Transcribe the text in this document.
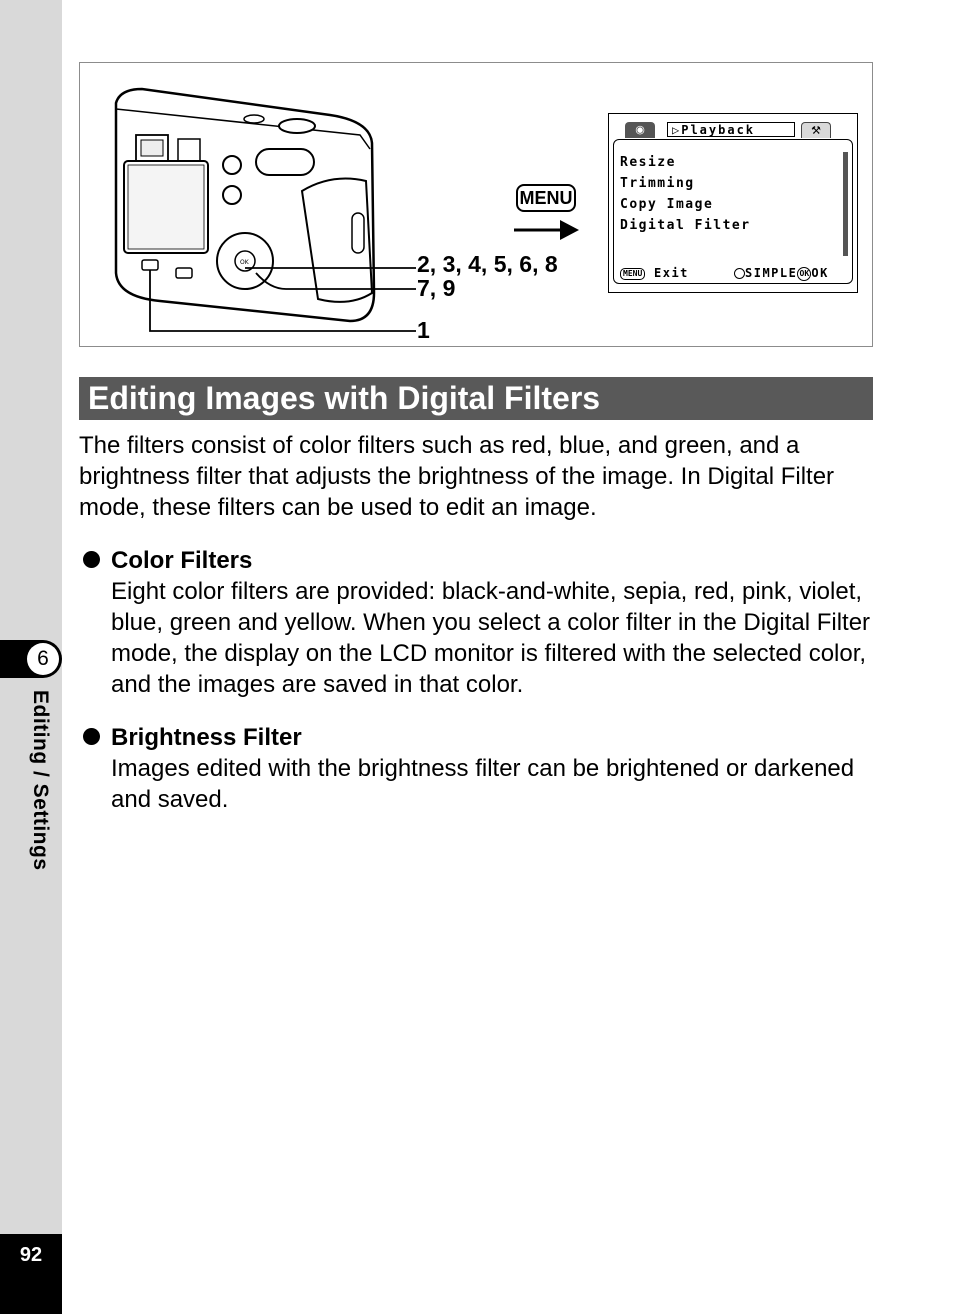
6
Editing / Settings
92
OK	2, 3, 4, 5, 6, 8
7, 9
1
MENU
◉	▷Playback	⚒
Resize
Trimming
Copy Image
Digital Filter
MENU Exit	SIMPLE OK OK
Editing Images with Digital Filters

The filters consist of color filters such as red, blue, and green, and a brightness filter that adjusts the brightness of the image. In Digital Filter mode, these filters can be used to edit an image.

Color Filters

Eight color filters are provided: black-and-white, sepia, red, pink, violet, blue, green and yellow. When you select a color filter in the Digital Filter mode, the display on the LCD monitor is filtered with the selected color, and the images are saved in that color.

Brightness Filter

Images edited with the brightness filter can be brightened or darkened and saved.
